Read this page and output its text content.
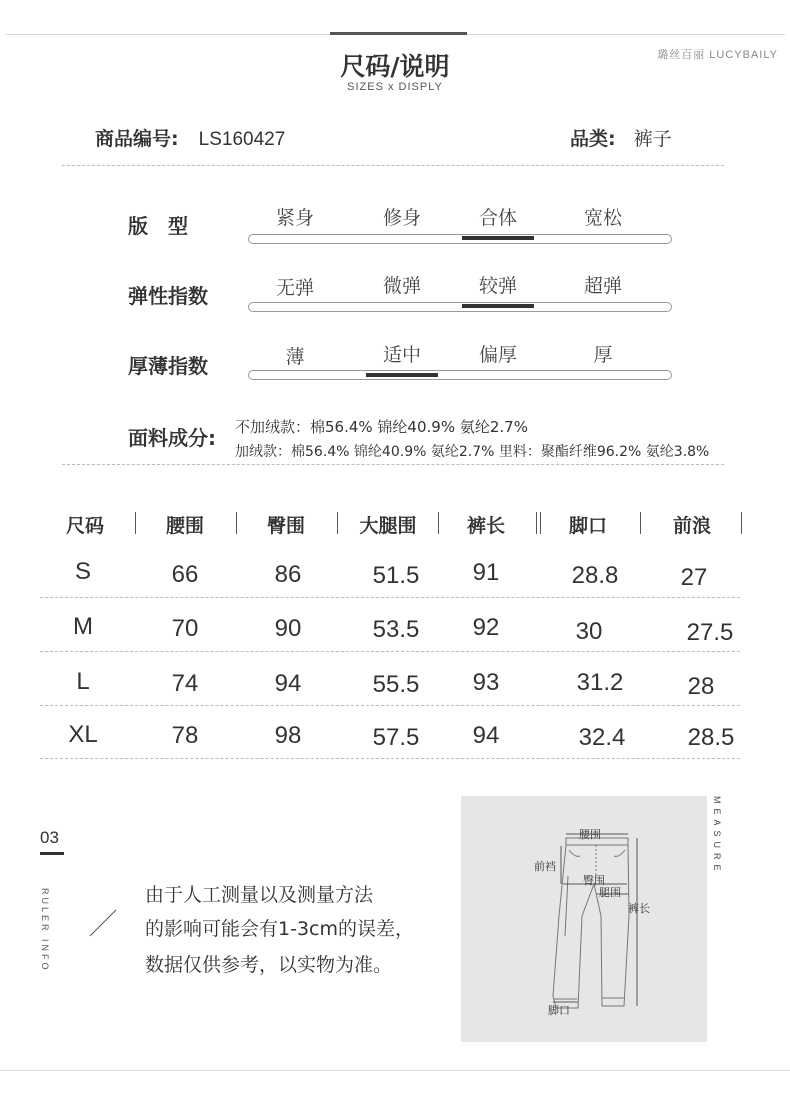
尺码/说明
SIZES x DISPLY
璐丝百丽 LUCYBAILY
商品编号: LS160427	品类: 裤子
版　型	紧身	修身	合体	宽松
弹性指数	无弹	微弹	较弹	超弹
厚薄指数	薄	适中	偏厚	厚
面料成分: 不加绒款：棉56.4% 锦纶40.9% 氨纶2.7%
加绒款：棉56.4% 锦纶40.9% 氨纶2.7% 里料：聚酯纤维96.2% 氨纶3.8%
尺码	腰围	臀围	大腿围	裤长	脚口	前浪
S	66	86	51.5	91	28.8	27
M	70	90	53.5	92	30	27.5
L	74	94	55.5	93	31.2	28
XL	78	98	57.5	94	32.4	28.5
03
RULER INFO	由于人工测量以及测量方法
的影响可能会有1-3cm的误差，
数据仅供参考，以实物为准。
腰围
前裆
臀围
腿围
裤长
脚口
MEASURE
